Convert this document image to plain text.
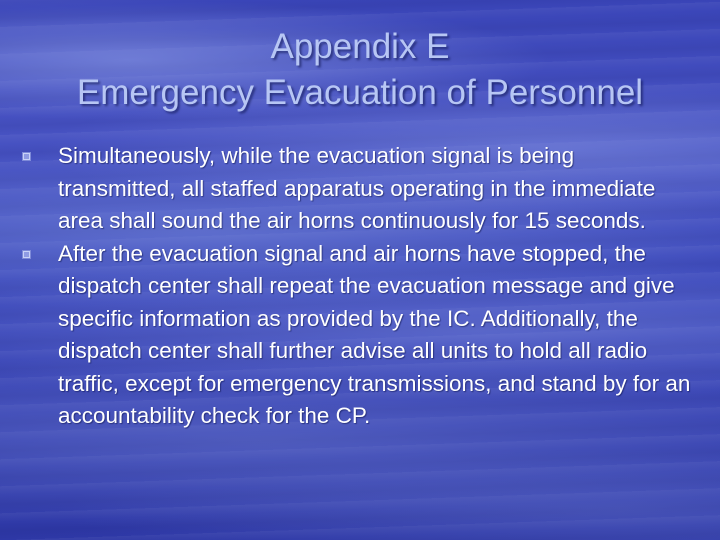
Appendix E
Emergency Evacuation of Personnel
Simultaneously, while the evacuation signal is being transmitted, all staffed apparatus operating in the immediate area shall sound the air horns continuously for 15 seconds.
After the evacuation signal and air horns have stopped, the dispatch center shall repeat the evacuation message and give specific information as provided by the IC. Additionally, the dispatch center shall further advise all units to hold all radio traffic, except for emergency transmissions, and stand by for an accountability check for the CP.
